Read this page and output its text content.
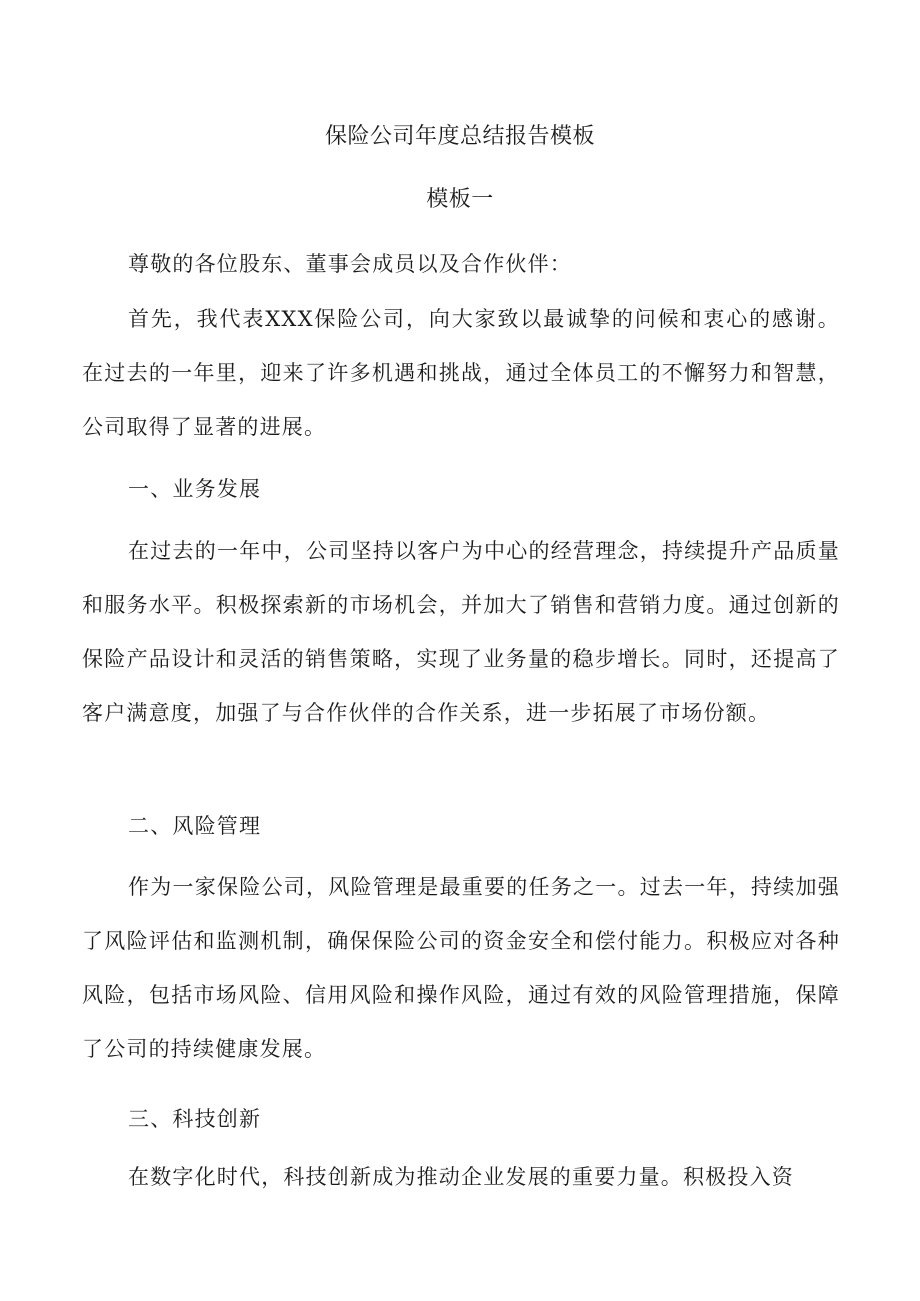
保险公司年度总结报告模板
模板一

尊敬的各位股东、董事会成员以及合作伙伴：

首先，我代表XXX保险公司，向大家致以最诚挚的问候和衷心的感谢。在过去的一年里，迎来了许多机遇和挑战，通过全体员工的不懈努力和智慧，公司取得了显著的进展。

一、业务发展

在过去的一年中，公司坚持以客户为中心的经营理念，持续提升产品质量和服务水平。积极探索新的市场机会，并加大了销售和营销力度。通过创新的保险产品设计和灵活的销售策略，实现了业务量的稳步增长。同时，还提高了客户满意度，加强了与合作伙伴的合作关系，进一步拓展了市场份额。

二、风险管理

作为一家保险公司，风险管理是最重要的任务之一。过去一年，持续加强了风险评估和监测机制，确保保险公司的资金安全和偿付能力。积极应对各种风险，包括市场风险、信用风险和操作风险，通过有效的风险管理措施，保障了公司的持续健康发展。

三、科技创新

在数字化时代，科技创新成为推动企业发展的重要力量。积极投入资
